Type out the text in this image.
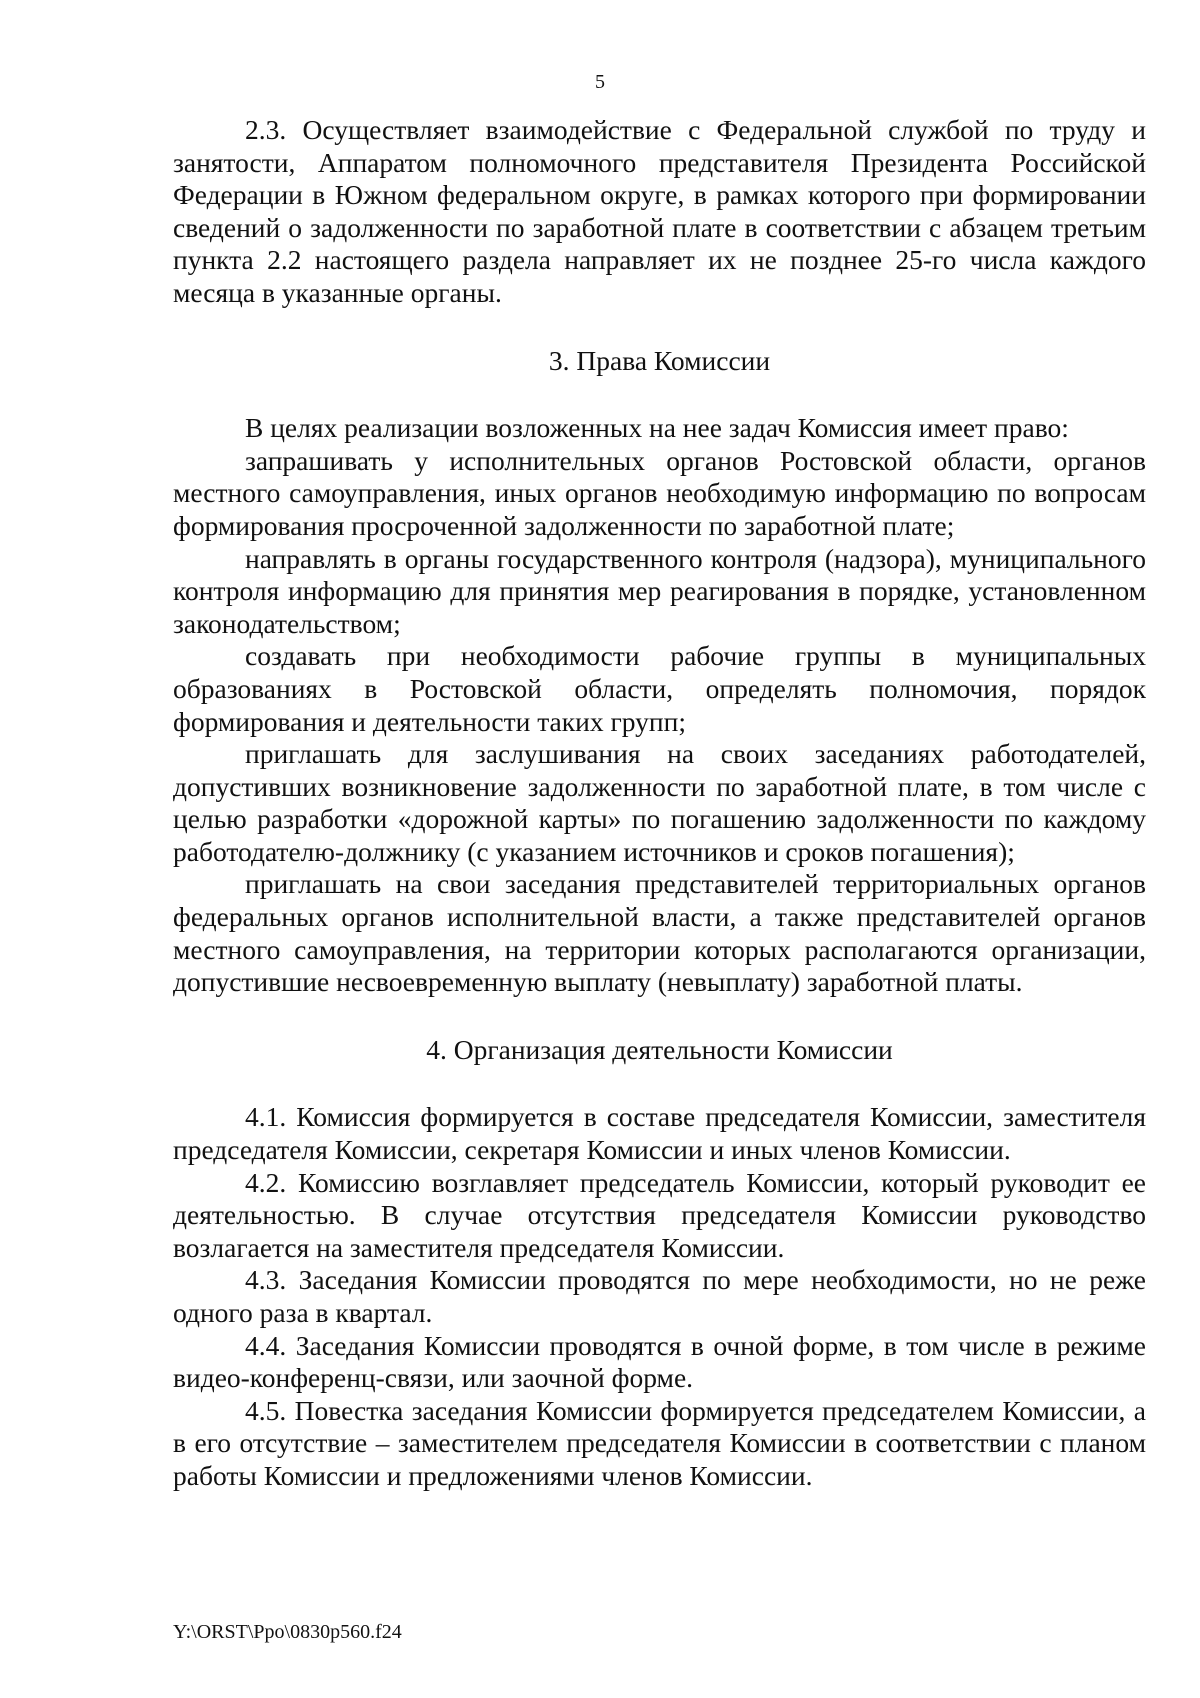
5

2.3. Осуществляет взаимодействие с Федеральной службой по труду и занятости, Аппаратом полномочного представителя Президента Российской Федерации в Южном федеральном округе, в рамках которого при формировании сведений о задолженности по заработной плате в соответствии с абзацем третьим пункта 2.2 настоящего раздела направляет их не позднее 25-го числа каждого месяца в указанные органы.

3. Права Комиссии

В целях реализации возложенных на нее задач Комиссия имеет право:

запрашивать у исполнительных органов Ростовской области, органов местного самоуправления, иных органов необходимую информацию по вопросам формирования просроченной задолженности по заработной плате;

направлять в органы государственного контроля (надзора), муниципального контроля информацию для принятия мер реагирования в порядке, установленном законодательством;

создавать при необходимости рабочие группы в муниципальных образованиях в Ростовской области, определять полномочия, порядок формирования и деятельности таких групп;

приглашать для заслушивания на своих заседаниях работодателей, допустивших возникновение задолженности по заработной плате, в том числе с целью разработки «дорожной карты» по погашению задолженности по каждому работодателю-должнику (с указанием источников и сроков погашения);

приглашать на свои заседания представителей территориальных органов федеральных органов исполнительной власти, а также представителей органов местного самоуправления, на территории которых располагаются организации, допустившие несвоевременную выплату (невыплату) заработной платы.

4. Организация деятельности Комиссии

4.1. Комиссия формируется в составе председателя Комиссии, заместителя председателя Комиссии, секретаря Комиссии и иных членов Комиссии.

4.2. Комиссию возглавляет председатель Комиссии, который руководит ее деятельностью. В случае отсутствия председателя Комиссии руководство возлагается на заместителя председателя Комиссии.

4.3. Заседания Комиссии проводятся по мере необходимости, но не реже одного раза в квартал.

4.4. Заседания Комиссии проводятся в очной форме, в том числе в режиме видео-конференц-связи, или заочной форме.

4.5. Повестка заседания Комиссии формируется председателем Комиссии, а в его отсутствие – заместителем председателя Комиссии в соответствии с планом работы Комиссии и предложениями членов Комиссии.

Y:\ORST\Ppo\0830p560.f24
